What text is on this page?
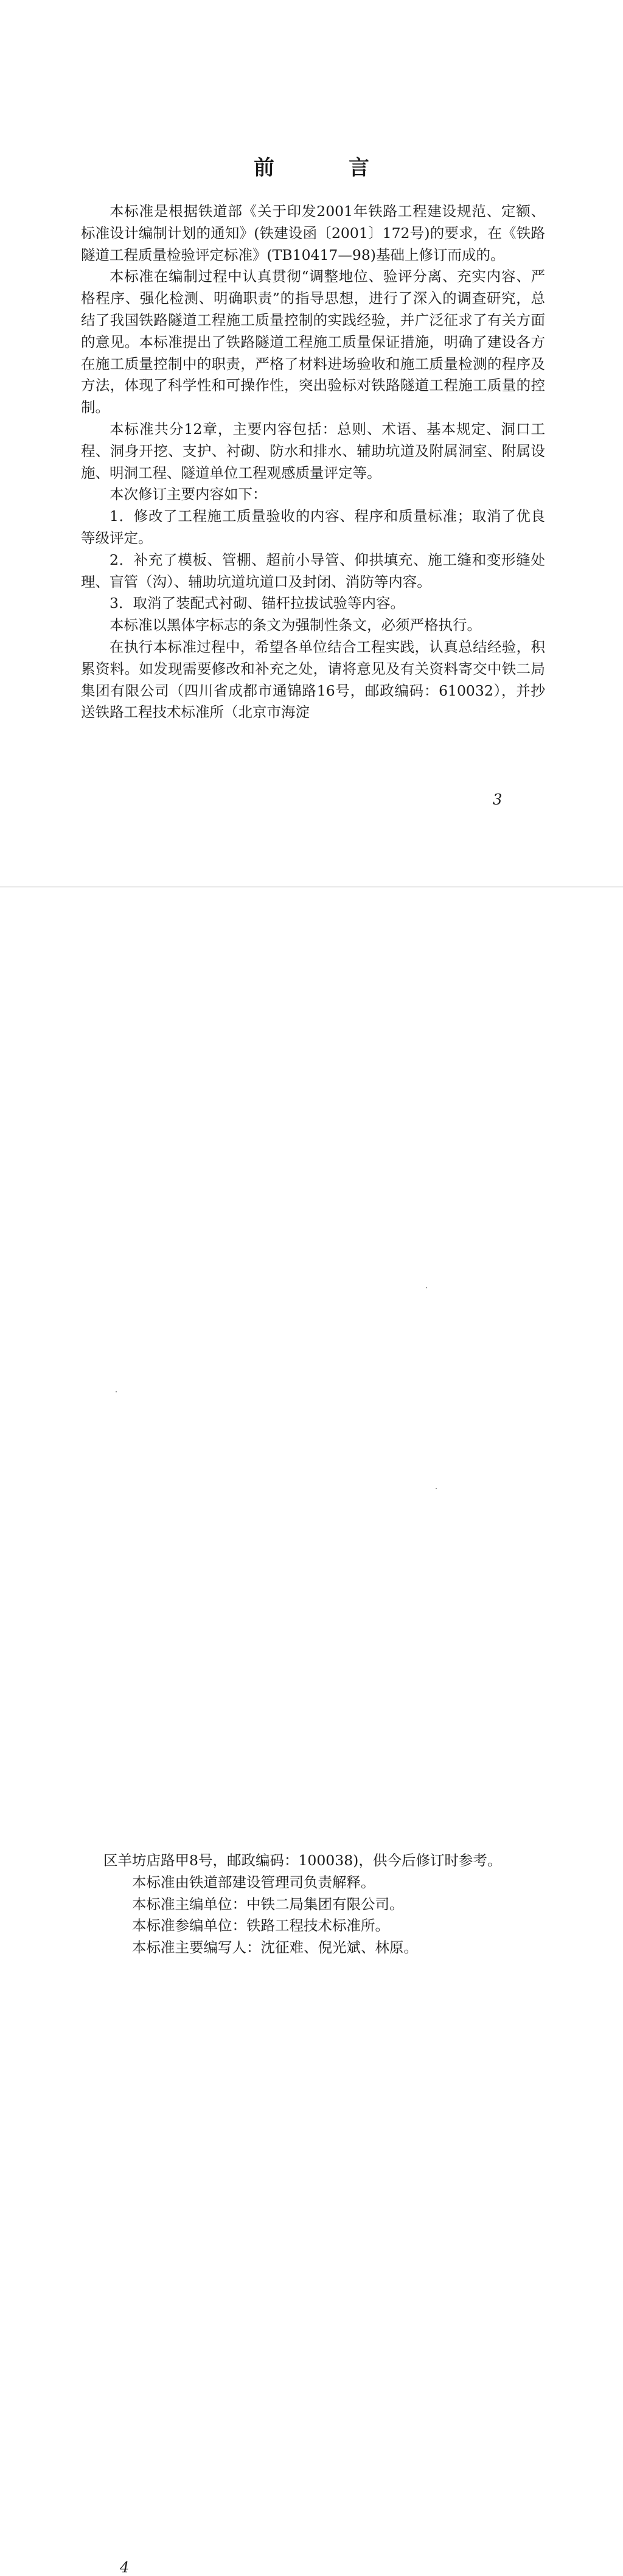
前　言

本标准是根据铁道部《关于印发2001年铁路工程建设规范、定额、标准设计编制计划的通知》(铁建设函〔2001〕172号)的要求，在《铁路隧道工程质量检验评定标准》(TB10417—98)基础上修订而成的。

本标准在编制过程中认真贯彻“调整地位、验评分离、充实内容、严格程序、强化检测、明确职责”的指导思想，进行了深入的调查研究，总结了我国铁路隧道工程施工质量控制的实践经验，并广泛征求了有关方面的意见。本标准提出了铁路隧道工程施工质量保证措施，明确了建设各方在施工质量控制中的职责，严格了材料进场验收和施工质量检测的程序及方法，体现了科学性和可操作性，突出验标对铁路隧道工程施工质量的控制。

本标准共分12章，主要内容包括：总则、术语、基本规定、洞口工程、洞身开挖、支护、衬砌、防水和排水、辅助坑道及附属洞室、附属设施、明洞工程、隧道单位工程观感质量评定等。

本次修订主要内容如下：

1．修改了工程施工质量验收的内容、程序和质量标准；取消了优良等级评定。

2．补充了模板、管棚、超前小导管、仰拱填充、施工缝和变形缝处理、盲管（沟）、辅助坑道坑道口及封闭、消防等内容。

3．取消了装配式衬砌、锚杆拉拔试验等内容。

本标准以黑体字标志的条文为强制性条文，必须严格执行。

在执行本标准过程中，希望各单位结合工程实践，认真总结经验，积累资料。如发现需要修改和补充之处，请将意见及有关资料寄交中铁二局集团有限公司（四川省成都市通锦路16号，邮政编码：610032），并抄送铁路工程技术标准所（北京市海淀

3

区羊坊店路甲8号，邮政编码：100038)，供今后修订时参考。

本标准由铁道部建设管理司负责解释。

本标准主编单位：中铁二局集团有限公司。

本标准参编单位：铁路工程技术标准所。

本标准主要编写人：沈征难、倪光斌、林原。

4
